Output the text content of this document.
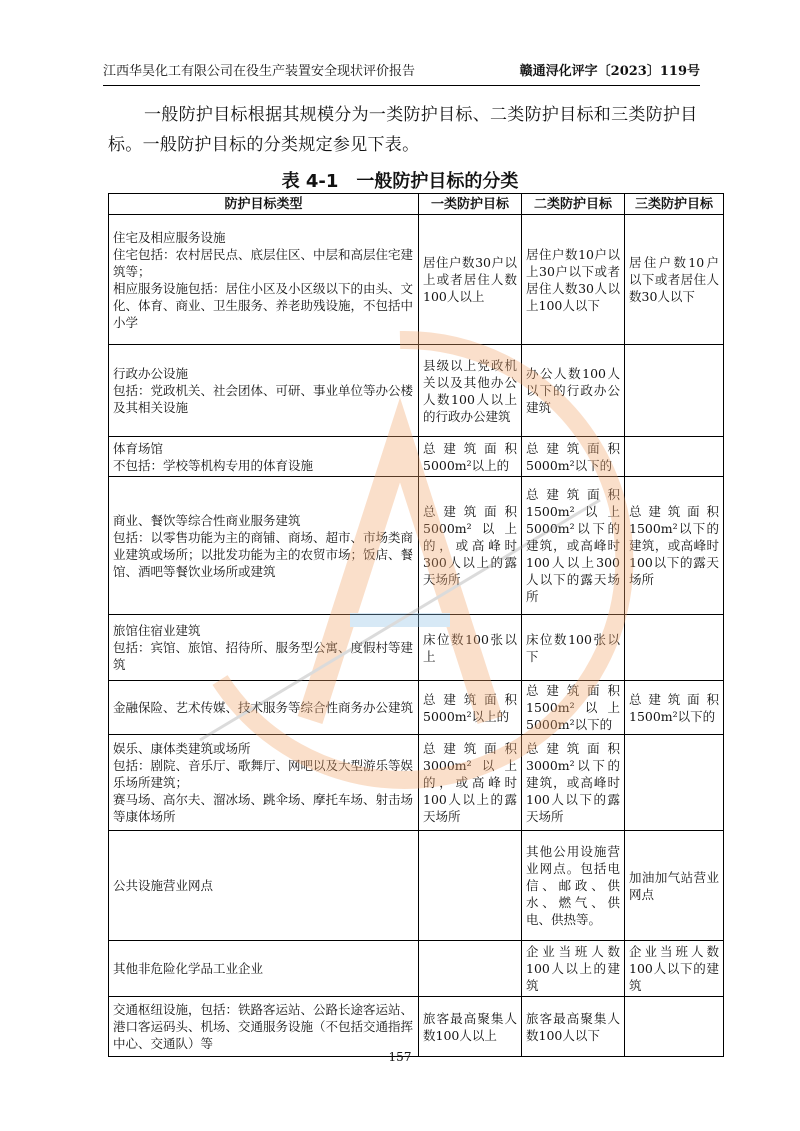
江西华昊化工有限公司在役生产装置安全现状评价报告	赣通浔化评字〔2023〕119号

一般防护目标根据其规模分为一类防护目标、二类防护目标和三类防护目标。一般防护目标的分类规定参见下表。

表 4-1　一般防护目标的分类
防护目标类型	一类防护目标	二类防护目标	三类防护目标

住宅及相应服务设施
住宅包括：农村居民点、底层住区、中层和高层住宅建筑等；
相应服务设施包括：居住小区及小区级以下的由头、文化、体育、商业、卫生服务、养老助残设施，不包括中小学	居住户数30户以上或者居住人数100人以上	居住户数10户以上30户以下或者居住人数30人以上100人以下	居住户数10户以下或者居住人数30人以下

行政办公设施
包括：党政机关、社会团体、可研、事业单位等办公楼及其相关设施	县级以上党政机关以及其他办公人数100人以上的行政办公建筑	办公人数100人以下的行政办公建筑	

体育场馆
不包括：学校等机构专用的体育设施	总建筑面积5000m²以上的	总建筑面积5000m²以下的	

商业、餐饮等综合性商业服务建筑
包括：以零售功能为主的商铺、商场、超市、市场类商业建筑或场所；以批发功能为主的农贸市场；饭店、餐馆、酒吧等餐饮业场所或建筑	总建筑面积5000m²以上的，或高峰时300人以上的露天场所	总建筑面积1500m²以上5000m²以下的建筑，或高峰时100人以上300人以下的露天场所	总建筑面积1500m²以下的建筑，或高峰时100以下的露天场所

旅馆住宿业建筑
包括：宾馆、旅馆、招待所、服务型公寓、度假村等建筑	床位数100张以上	床位数100张以下	

金融保险、艺术传媒、技术服务等综合性商务办公建筑	总建筑面积5000m²以上的	总建筑面积1500m²以上5000m²以下的	总建筑面积1500m²以下的

娱乐、康体类建筑或场所
包括：剧院、音乐厅、歌舞厅、网吧以及大型游乐等娱乐场所建筑；
赛马场、高尔夫、溜冰场、跳伞场、摩托车场、射击场等康体场所	总建筑面积3000m²以上的，或高峰时100人以上的露天场所	总建筑面积3000m²以下的建筑，或高峰时100人以下的露天场所	

公共设施营业网点		其他公用设施营业网点。包括电信、邮政、供水、燃气、供电、供热等。	加油加气站营业网点

其他非危险化学品工业企业		企业当班人数100人以上的建筑	企业当班人数100人以下的建筑

交通枢纽设施，包括：铁路客运站、公路长途客运站、港口客运码头、机场、交通服务设施（不包括交通指挥中心、交通队）等	旅客最高聚集人数100人以上	旅客最高聚集人数100人以下	
157
